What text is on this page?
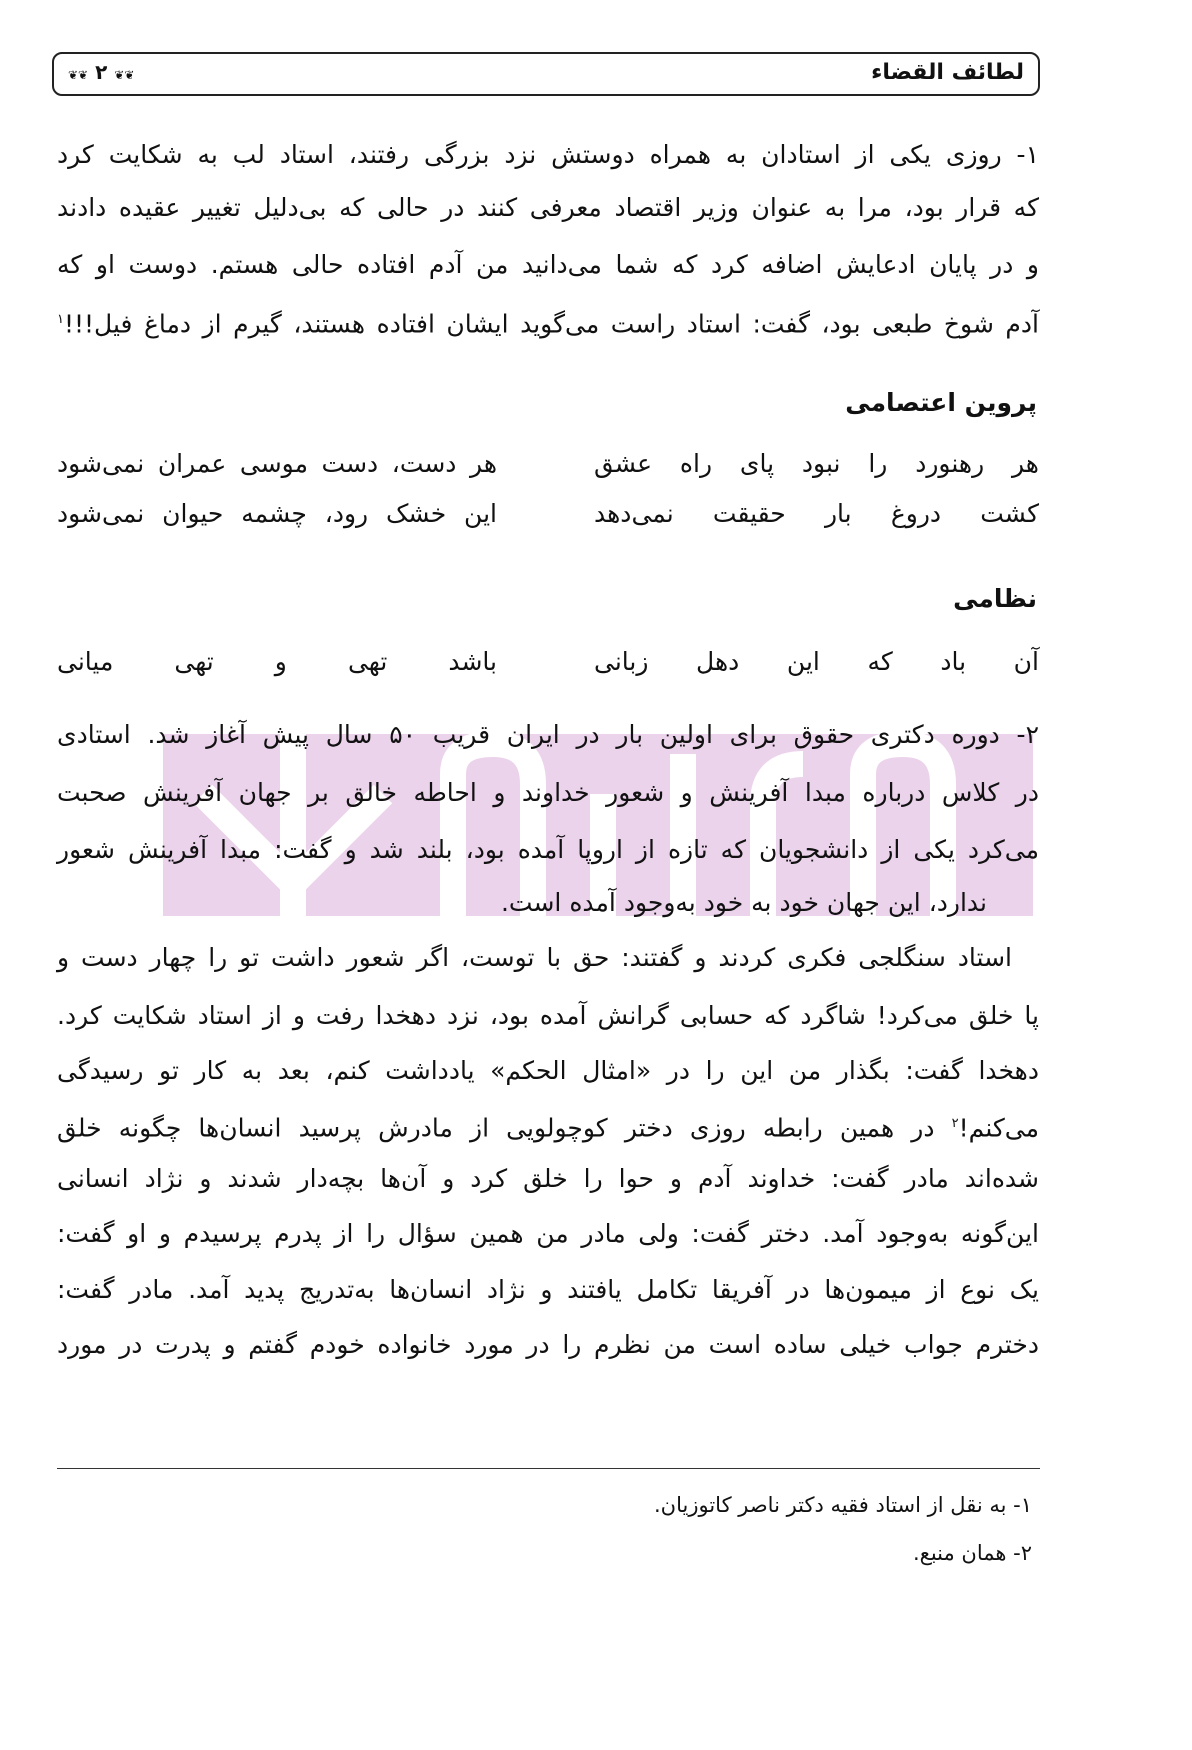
لطائف القضاء
❦❦ ۲ ❦❦
۱- روزی یکی از استادان به همراه دوستش نزد بزرگی رفتند، استاد لب به شکایت کرد
که قرار بود، مرا به عنوان وزیر اقتصاد معرفی کنند در حالی که بی‌دلیل تغییر عقیده دادند
و در پایان ادعایش اضافه کرد که شما می‌دانید من آدم افتاده حالی هستم. دوست او که
آدم شوخ طبعی بود، گفت: استاد راست می‌گوید ایشان افتاده هستند، گیرم از دماغ فیل!!!$^۱$
پروین اعتصامی
هر رهنورد را نبود پای راه عشق
هر دست، دست موسی عمران نمی‌شود
کشت دروغ بار حقیقت نمی‌دهد
این خشک رود، چشمه حیوان نمی‌شود
نظامی
آن باد که این دهل زبانی
باشد تهی و تهی میانی
۲- دوره دکتری حقوق برای اولین بار در ایران قریب ۵۰ سال پیش آغاز شد. استادی
در کلاس درباره مبدا آفرینش و شعور خداوند و احاطه خالق بر جهان آفرینش صحبت
می‌کرد یکی از دانشجویان که تازه از اروپا آمده بود، بلند شد و گفت: مبدا آفرینش شعور
ندارد، این جهان خود به خود به‌وجود آمده است.
استاد سنگلجی فکری کردند و گفتند: حق با توست، اگر شعور داشت تو را چهار دست و
پا خلق می‌کرد! شاگرد که حسابی گرانش آمده بود، نزد دهخدا رفت و از استاد شکایت کرد.
دهخدا گفت: بگذار من این را در «امثال الحکم» یادداشت کنم، بعد به کار تو رسیدگی
می‌کنم!$^۲$ در همین رابطه روزی دختر کوچولویی از مادرش پرسید انسان‌ها چگونه خلق
شده‌اند مادر گفت: خداوند آدم و حوا را خلق کرد و آن‌ها بچه‌دار شدند و نژاد انسانی
این‌گونه به‌وجود آمد. دختر گفت: ولی مادر من همین سؤال را از پدرم پرسیدم و او گفت:
یک نوع از میمون‌ها در آفریقا تکامل یافتند و نژاد انسان‌ها به‌تدریج پدید آمد. مادر گفت:
دخترم جواب خیلی ساده است من نظرم را در مورد خانواده خودم گفتم و پدرت در مورد
۱- به نقل از استاد فقیه دکتر ناصر کاتوزیان.
۲- همان منبع.
